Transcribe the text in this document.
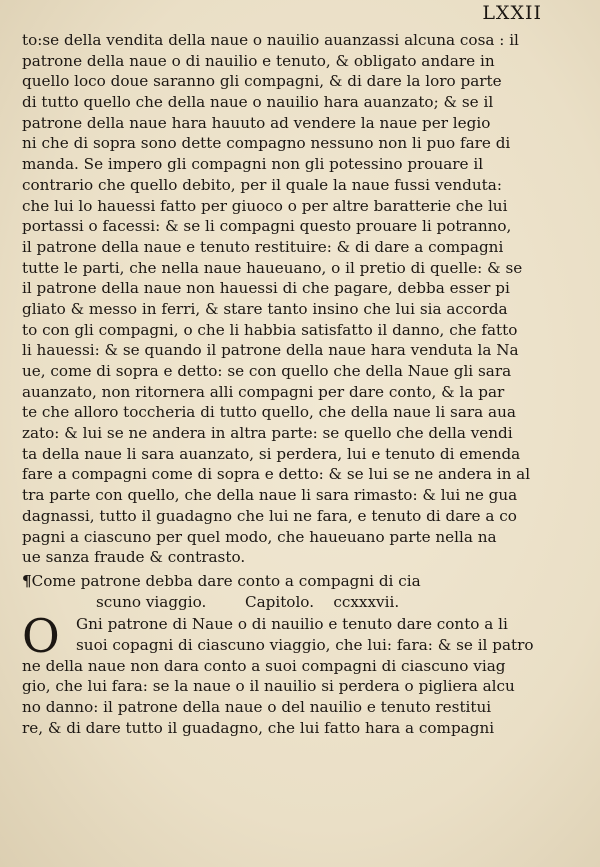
LXXII
to:se della vendita della naue o nauilio auanzassi alcuna cosa : il
patrone della naue o di nauilio e tenuto, & obligato andare in
quello loco doue saranno gli compagni, & di dare la loro parte
di tutto quello che della naue o nauilio hara auanzato; & se il
patrone della naue hara hauuto ad vendere la naue per legio
ni che di sopra sono dette compagno nessuno non li puo fare di
manda. Se impero gli compagni non gli potessino prouare il
contrario che quello debito, per il quale la naue fussi venduta:
che lui lo hauessi fatto per giuoco o per altre baratterie che lui
portassi o facessi: & se li compagni questo prouare li potranno,
il patrone della naue e tenuto restituire: & di dare a compagni
tutte le parti, che nella naue haueuano, o il pretio di quelle: & se
il patrone della naue non hauessi di che pagare, debba esser pi
gliato & messo in ferri, & stare tanto insino che lui sia accorda
to con gli compagni, o che li habbia satisfatto il danno, che fatto
li hauessi: & se quando il patrone della naue hara venduta la Na
ue, come di sopra e detto: se con quello che della Naue gli sara
auanzato, non ritornera alli compagni per dare conto, & la par
te che alloro toccheria di tutto quello, che della naue li sara aua
zato: & lui se ne andera in altra parte: se quello che della vendi
ta della naue li sara auanzato, si perdera, lui e tenuto di emenda
fare a compagni come di sopra e detto: & se lui se ne andera in al
tra parte con quello, che della naue li sara rimasto: & lui ne gua
dagnassi, tutto il guadagno che lui ne fara, e tenuto di dare a co
pagni a ciascuno per quel modo, che haueuano parte nella na
ue sanza fraude & contrasto.
¶Come patrone debba dare conto a compagni di cia
scuno viaggio.        Capitolo.    ccxxxvii.
O	Gni patrone di Naue o di nauilio e tenuto dare conto a li
suoi copagni di ciascuno viaggio, che lui: fara: & se il patro
ne della naue non dara conto a suoi compagni di ciascuno viag
gio, che lui fara: se la naue o il nauilio si perdera o pigliera alcu
no danno: il patrone della naue o del nauilio e tenuto restitui
re, & di dare tutto il guadagno, che lui fatto hara a compagni
